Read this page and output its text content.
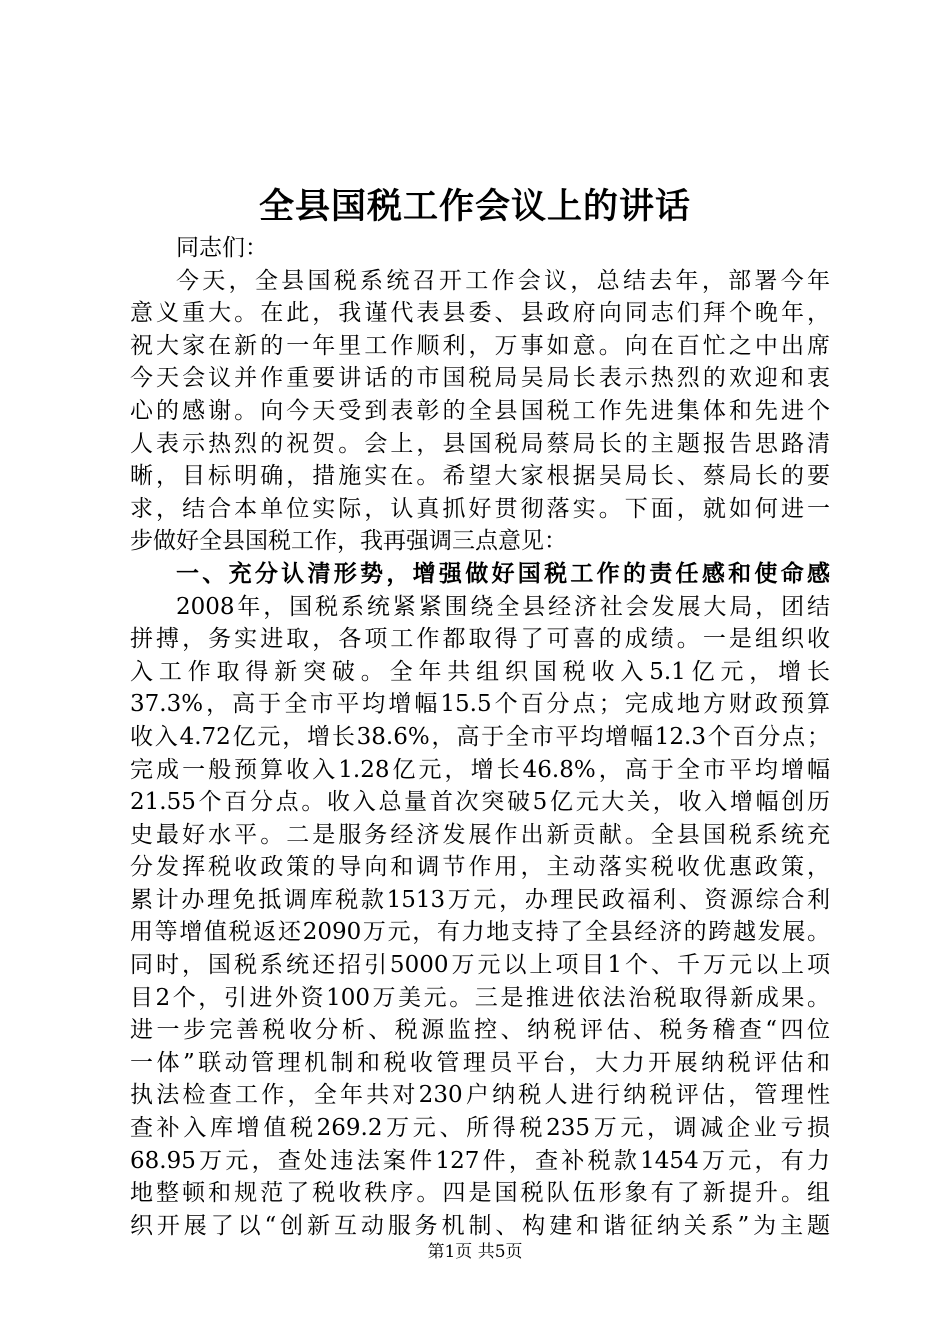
全县国税工作会议上的讲话
同志们：
今天，全县国税系统召开工作会议，总结去年，部署今年
意义重大。在此，我谨代表县委、县政府向同志们拜个晚年，
祝大家在新的一年里工作顺利，万事如意。向在百忙之中出席
今天会议并作重要讲话的市国税局吴局长表示热烈的欢迎和衷
心的感谢。向今天受到表彰的全县国税工作先进集体和先进个
人表示热烈的祝贺。会上，县国税局蔡局长的主题报告思路清
晰，目标明确，措施实在。希望大家根据吴局长、蔡局长的要
求，结合本单位实际，认真抓好贯彻落实。下面，就如何进一
步做好全县国税工作，我再强调三点意见：
一、充分认清形势，增强做好国税工作的责任感和使命感
2008年，国税系统紧紧围绕全县经济社会发展大局，团结
拼搏，务实进取，各项工作都取得了可喜的成绩。一是组织收
入工作取得新突破。全年共组织国税收入5.1亿元，增长
37.3%，高于全市平均增幅15.5个百分点；完成地方财政预算
收入4.72亿元，增长38.6%，高于全市平均增幅12.3个百分点；
完成一般预算收入1.28亿元，增长46.8%，高于全市平均增幅
21.55个百分点。收入总量首次突破5亿元大关，收入增幅创历
史最好水平。二是服务经济发展作出新贡献。全县国税系统充
分发挥税收政策的导向和调节作用，主动落实税收优惠政策，
累计办理免抵调库税款1513万元，办理民政福利、资源综合利
用等增值税返还2090万元，有力地支持了全县经济的跨越发展。
同时，国税系统还招引5000万元以上项目1个、千万元以上项
目2个，引进外资100万美元。三是推进依法治税取得新成果。
进一步完善税收分析、税源监控、纳税评估、税务稽查“四位
一体”联动管理机制和税收管理员平台，大力开展纳税评估和
执法检查工作，全年共对230户纳税人进行纳税评估，管理性
查补入库增值税269.2万元、所得税235万元，调减企业亏损
68.95万元，查处违法案件127件，查补税款1454万元，有力
地整顿和规范了税收秩序。四是国税队伍形象有了新提升。组
织开展了以“创新互动服务机制、构建和谐征纳关系”为主题
第1页 共5页
